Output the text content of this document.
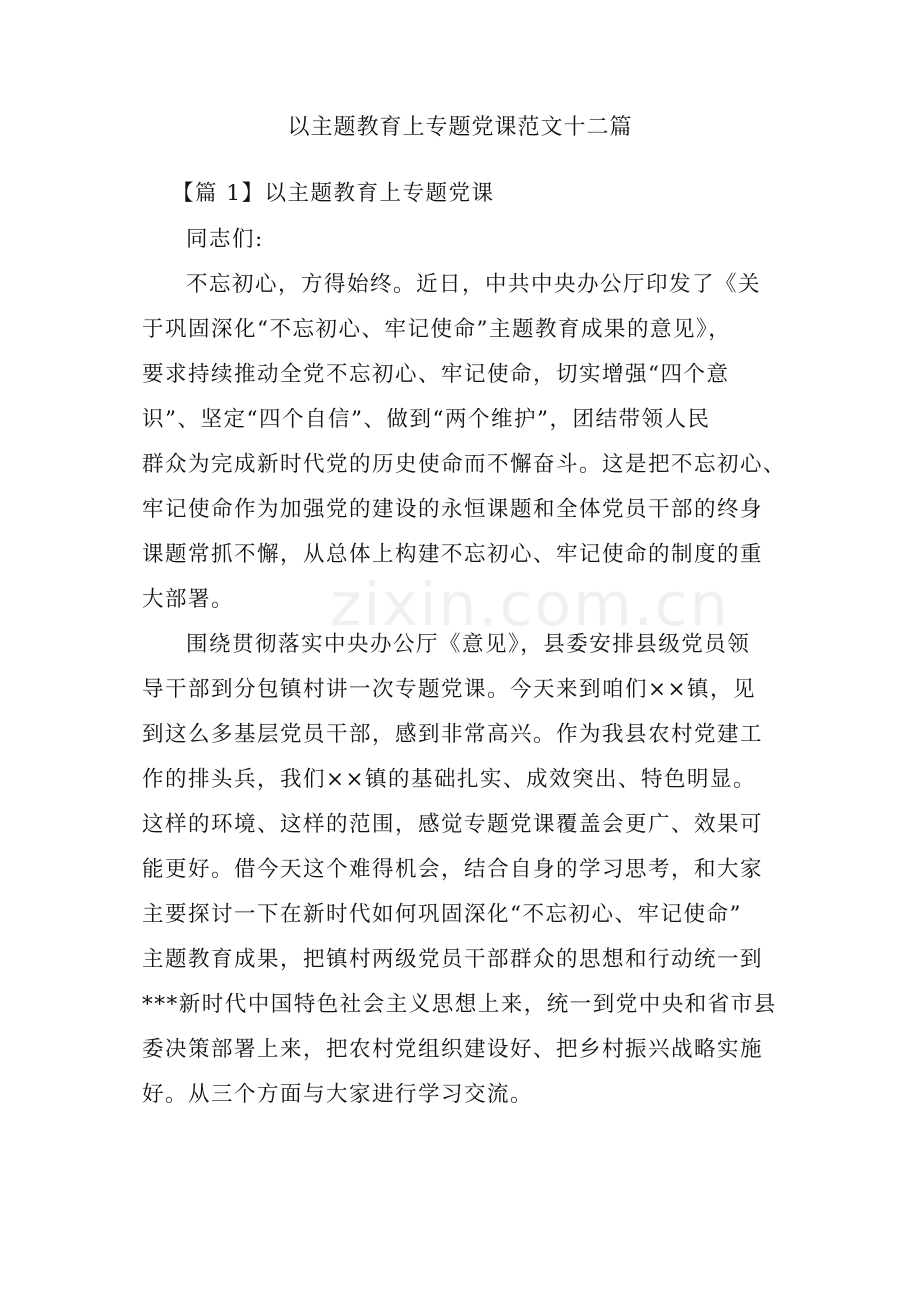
zixin.com.cn
以主题教育上专题党课范文十二篇
【篇 1】以主题教育上专题党课
同志们:
不忘初心，方得始终。近日，中共中央办公厅印发了《关
于巩固深化“不忘初心、牢记使命”主题教育成果的意见》，
要求持续推动全党不忘初心、牢记使命，切实增强“四个意
识”、坚定“四个自信”、做到“两个维护”，团结带领人民
群众为完成新时代党的历史使命而不懈奋斗。这是把不忘初心、
牢记使命作为加强党的建设的永恒课题和全体党员干部的终身
课题常抓不懈，从总体上构建不忘初心、牢记使命的制度的重
大部署。
围绕贯彻落实中央办公厅《意见》，县委安排县级党员领
导干部到分包镇村讲一次专题党课。今天来到咱们××镇，见
到这么多基层党员干部，感到非常高兴。作为我县农村党建工
作的排头兵，我们××镇的基础扎实、成效突出、特色明显。
这样的环境、这样的范围，感觉专题党课覆盖会更广、效果可
能更好。借今天这个难得机会，结合自身的学习思考，和大家
主要探讨一下在新时代如何巩固深化“不忘初心、牢记使命”
主题教育成果，把镇村两级党员干部群众的思想和行动统一到
***新时代中国特色社会主义思想上来，统一到党中央和省市县
委决策部署上来，把农村党组织建设好、把乡村振兴战略实施
好。从三个方面与大家进行学习交流。
